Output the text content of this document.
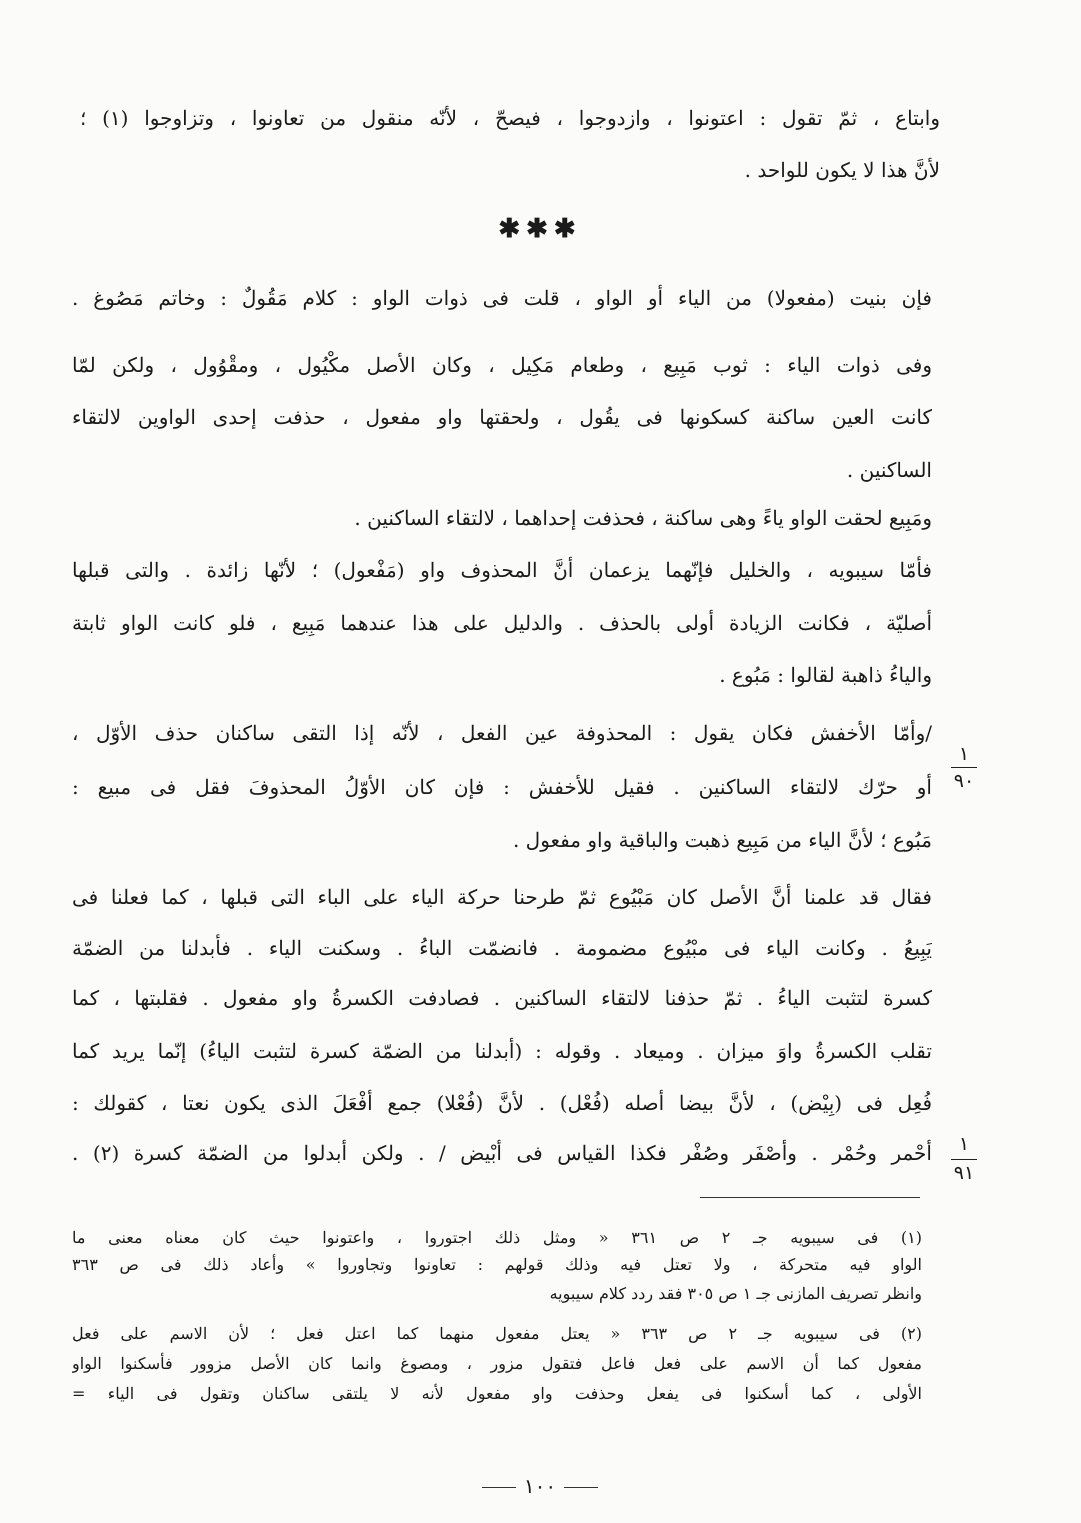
وابتاع ، ثمّ تقول : اعتونوا ، وازدوجوا ، فيصحّ ، لأنّه منقول من تعاونوا ، وتزاوجوا (١) ؛
لأنَّ هذا لا يكون للواحد .
✱✱✱
فإن بنيت (مفعولا) من الياء أو الواو ، قلت فى ذوات الواو : كلام مَقُولٌ : وخاتم مَصُوغ .
وفى ذوات الياء : ثوب مَبِيع ، وطعام مَكِيل ، وكان الأصل مكْيُول ، ومقْوُول ، ولكن لمّا
كانت العين ساكنة كسكونها فى يقُول ، ولحقتها واو مفعول ، حذفت إحدى الواوين لالتقاء
الساكنين .
ومَبِيع لحقت الواو ياءً وهى ساكنة ، فحذفت إحداهما ، لالتقاء الساكنين .
فأمّا سيبويه ، والخليل فإنّهما يزعمان أنَّ المحذوف واو (مَفْعول) ؛ لأنّها زائدة . والتى قبلها
أصليّة ، فكانت الزيادة أولى بالحذف . والدليل على هذا عندهما مَبِيع ، فلو كانت الواو ثابتة
والياءُ ذاهبة لقالوا : مَبُوع .
/وأمّا الأخفش فكان يقول : المحذوفة عين الفعل ، لأنّه إذا التقى ساكنان حذف الأوّل ،
أو حرّك لالتقاء الساكنين . فقيل للأخفش : فإن كان الأوّلُ المحذوفَ فقل فى مبيع :
مَبُوع ؛ لأنَّ الياء من مَبِيع ذهبت والباقية واو مفعول .
فقال قد علمنا أنَّ الأصل كان مَبْيُوع ثمّ طرحنا حركة الياء على الباء التى قبلها ، كما فعلنا فى
يَبِيعُ . وكانت الياء فى مبْيُوع مضمومة . فانضمّت الباءُ . وسكنت الياء . فأبدلنا من الضمّة
كسرة لتثبت الياءُ . ثمّ حذفنا لالتقاء الساكنين . فصادفت الكسرةُ واو مفعول . فقلبتها ، كما
تقلب الكسرةُ واوَ ميزان . وميعاد . وقوله : (أبدلنا من الضمّة كسرة لتثبت الياءُ) إنّما يريد كما
فُعِل فى (بِيْض) ، لأنَّ بيضا أصله (فُعْل) . لأنَّ (فُعْلا) جمع أفْعَلَ الذى يكون نعتا ، كقولك :
أحْمر وحُمْر . وأصْفَر وصُفْر فكذا القياس فى أبْيض / . ولكن أبدلوا من الضمّة كسرة (٢) .
١
٩٠
١
٩١
(١) فى سيبويه جـ ٢ ص ٣٦١ « ومثل ذلك اجتوروا ، واعتونوا حيث كان معناه معنى ما
الواو فيه متحركة ، ولا تعتل فيه وذلك قولهم : تعاونوا وتجاوروا » وأعاد ذلك فى ص ٣٦٣
وانظر تصريف المازنى جـ ١ ص ٣٠٥ فقد ردد كلام سيبويه
(٢) فى سيبويه جـ ٢ ص ٣٦٣ « يعتل مفعول منهما كما اعتل فعل ؛ لأن الاسم على فعل
مفعول كما أن الاسم على فعل فاعل فتقول مزور ، ومصوغ وانما كان الأصل مزوور فأسكنوا الواو
الأولى ، كما أسكنوا فى يفعل وحذفت واو مفعول لأنه لا يلتقى ساكنان وتقول فى الياء =
١٠٠
